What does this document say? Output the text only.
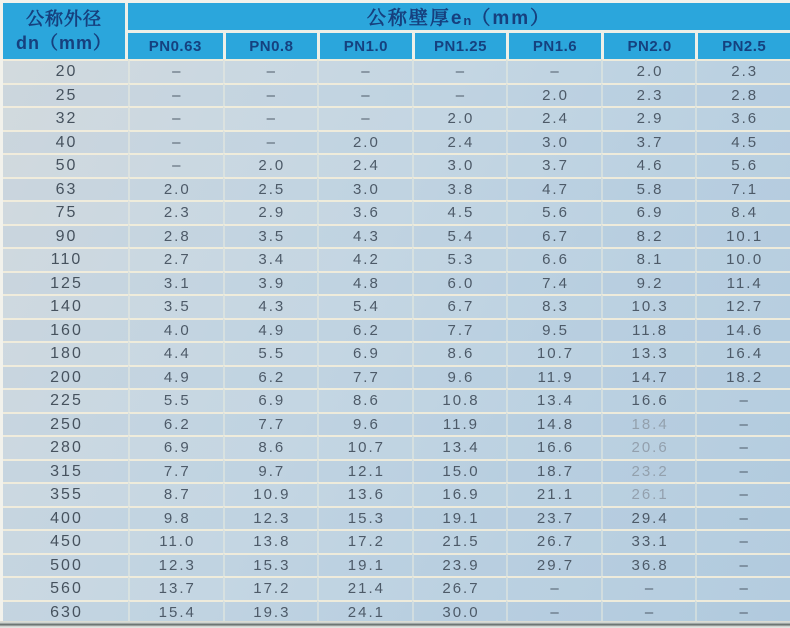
公称外径
dn（mm）	公称壁厚en（mm）						
	PN0.63	PN0.8	PN1.0	PN1.25	PN1.6	PN2.0	PN2.5
20	–	–	–	–	–	2.0	2.3
25	–	–	–	–	2.0	2.3	2.8
32	–	–	–	2.0	2.4	2.9	3.6
40	–	–	2.0	2.4	3.0	3.7	4.5
50	–	2.0	2.4	3.0	3.7	4.6	5.6
63	2.0	2.5	3.0	3.8	4.7	5.8	7.1
75	2.3	2.9	3.6	4.5	5.6	6.9	8.4
90	2.8	3.5	4.3	5.4	6.7	8.2	10.1
110	2.7	3.4	4.2	5.3	6.6	8.1	10.0
125	3.1	3.9	4.8	6.0	7.4	9.2	11.4
140	3.5	4.3	5.4	6.7	8.3	10.3	12.7
160	4.0	4.9	6.2	7.7	9.5	11.8	14.6
180	4.4	5.5	6.9	8.6	10.7	13.3	16.4
200	4.9	6.2	7.7	9.6	11.9	14.7	18.2
225	5.5	6.9	8.6	10.8	13.4	16.6	–
250	6.2	7.7	9.6	11.9	14.8	18.4	–
280	6.9	8.6	10.7	13.4	16.6	20.6	–
315	7.7	9.7	12.1	15.0	18.7	23.2	–
355	8.7	10.9	13.6	16.9	21.1	26.1	–
400	9.8	12.3	15.3	19.1	23.7	29.4	–
450	11.0	13.8	17.2	21.5	26.7	33.1	–
500	12.3	15.3	19.1	23.9	29.7	36.8	–
560	13.7	17.2	21.4	26.7	–	–	–
630	15.4	19.3	24.1	30.0	–	–	–
